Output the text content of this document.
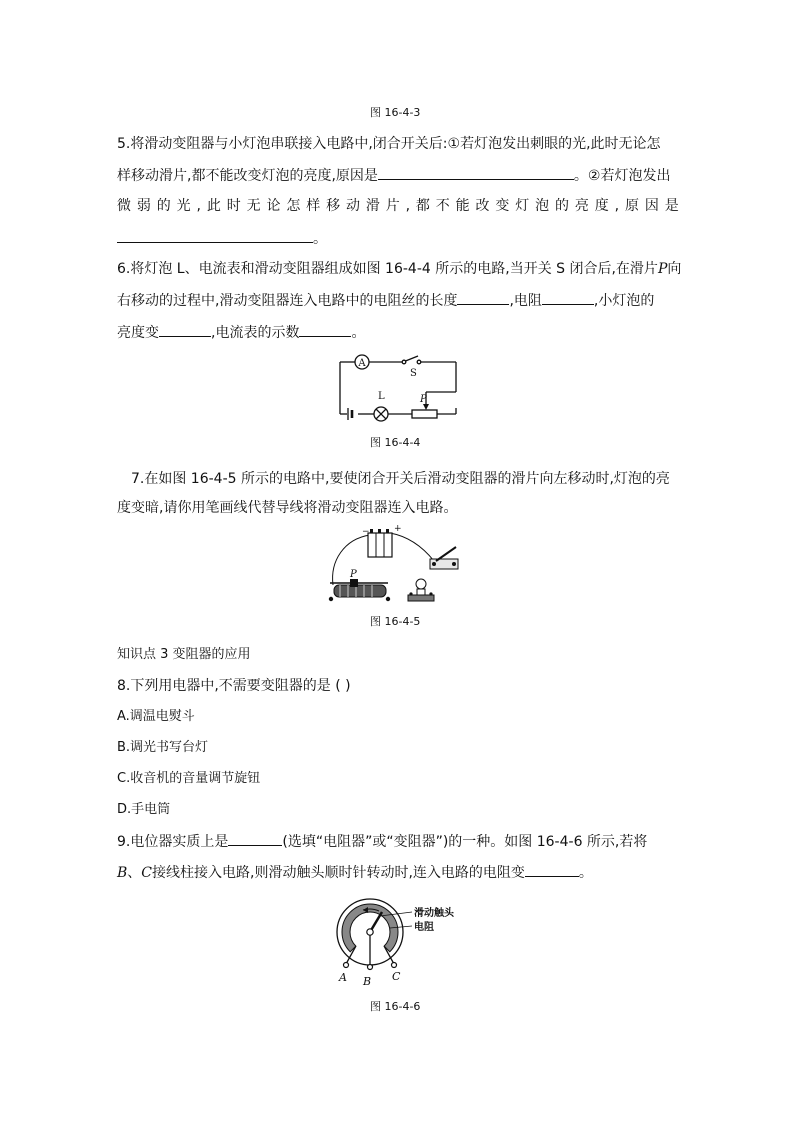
图 16-4-3
5.将滑动变阻器与小灯泡串联接入电路中,闭合开关后:①若灯泡发出刺眼的光,此时无论怎
样移动滑片,都不能改变灯泡的亮度,原因是	。②若灯泡发出
微 弱 的 光 , 此 时 无 论 怎 样 移 动 滑 片 , 都 不 能 改 变 灯 泡 的 亮 度 , 原 因 是
。
6.将灯泡 L、电流表和滑动变阻器组成如图 16-4-4 所示的电路,当开关 S 闭合后,在滑片P向
右移动的过程中,滑动变阻器连入电路中的电阻丝的长度	,电阻	,小灯泡的
亮度变	,电流表的示数	。
A
S
L	P
图 16-4-4
7.在如图 16-4-5 所示的电路中,要使闭合开关后滑动变阻器的滑片向左移动时,灯泡的亮
度变暗,请你用笔画线代替导线将滑动变阻器连入电路。
−	+
P
图 16-4-5
知识点 3 变阻器的应用
8.下列用电器中,不需要变阻器的是 ( )
A.调温电熨斗
B.调光书写台灯
C.收音机的音量调节旋钮
D.手电筒
9.电位器实质上是	(选填“电阻器”或“变阻器”)的一种。如图 16-4-6 所示,若将
B、C接线柱接入电路,则滑动触头顺时针转动时,连入电路的电阻变	。
滑动触头
电阻
A B C
图 16-4-6
